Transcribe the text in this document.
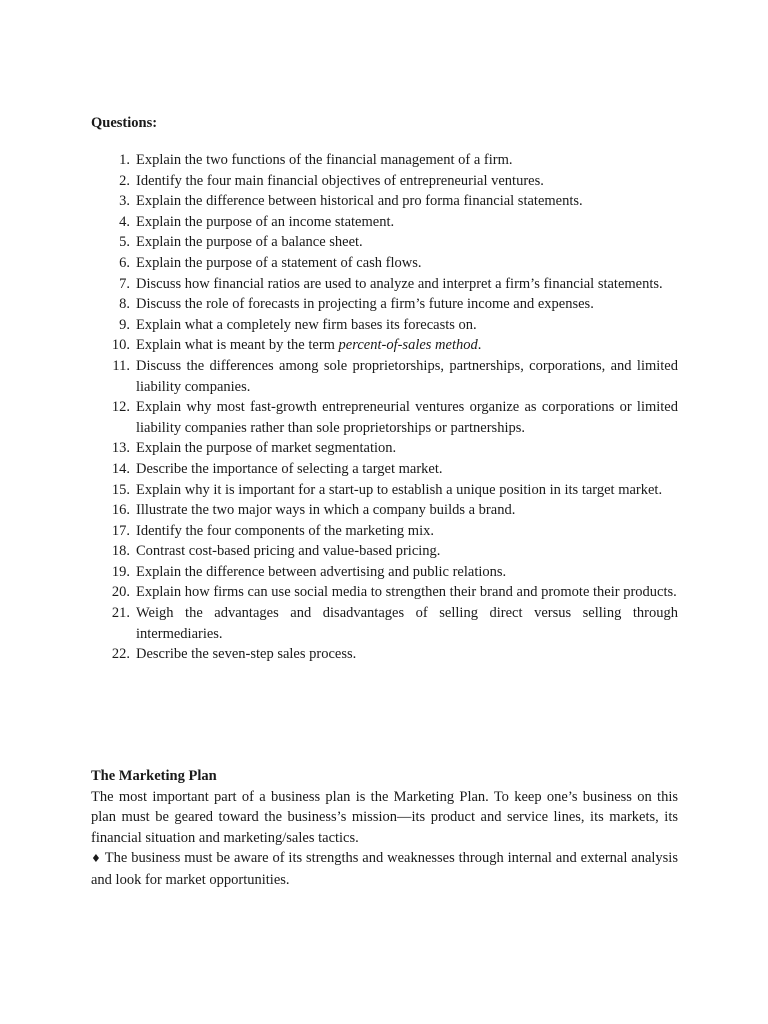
Questions:
1. Explain the two functions of the financial management of a firm.
2. Identify the four main financial objectives of entrepreneurial ventures.
3. Explain the difference between historical and pro forma financial statements.
4. Explain the purpose of an income statement.
5. Explain the purpose of a balance sheet.
6. Explain the purpose of a statement of cash flows.
7. Discuss how financial ratios are used to analyze and interpret a firm’s financial statements.
8. Discuss the role of forecasts in projecting a firm’s future income and expenses.
9. Explain what a completely new firm bases its forecasts on.
10. Explain what is meant by the term percent-of-sales method.
11. Discuss the differences among sole proprietorships, partnerships, corporations, and limited liability companies.
12. Explain why most fast-growth entrepreneurial ventures organize as corporations or limited liability companies rather than sole proprietorships or partnerships.
13. Explain the purpose of market segmentation.
14. Describe the importance of selecting a target market.
15. Explain why it is important for a start-up to establish a unique position in its target market.
16. Illustrate the two major ways in which a company builds a brand.
17. Identify the four components of the marketing mix.
18. Contrast cost-based pricing and value-based pricing.
19. Explain the difference between advertising and public relations.
20. Explain how firms can use social media to strengthen their brand and promote their products.
21. Weigh the advantages and disadvantages of selling direct versus selling through intermediaries.
22. Describe the seven-step sales process.
The Marketing Plan

The most important part of a business plan is the Marketing Plan. To keep one’s business on this plan must be geared toward the business’s mission—its product and service lines, its markets, its financial situation and marketing/sales tactics.

♦ The business must be aware of its strengths and weaknesses through internal and external analysis and look for market opportunities.
